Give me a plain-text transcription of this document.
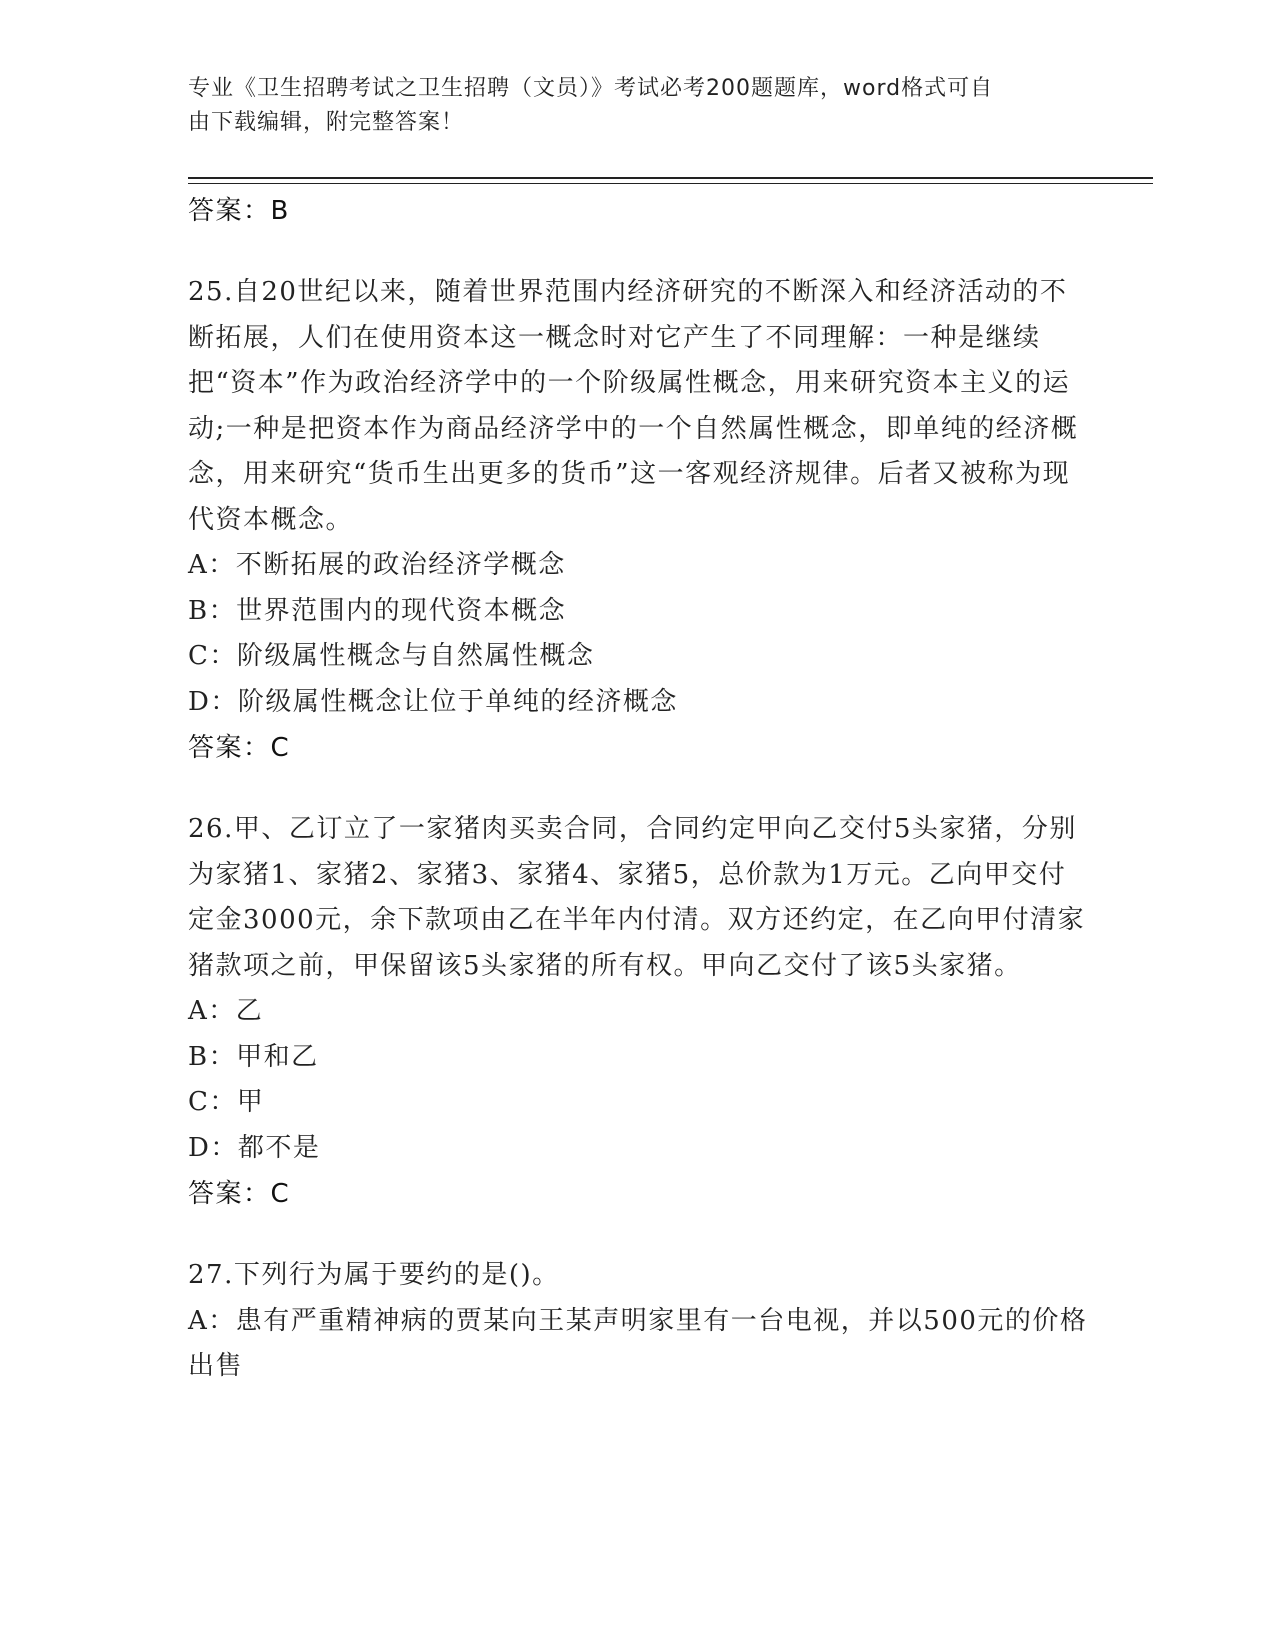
专业《卫生招聘考试之卫生招聘（文员）》考试必考200题题库，word格式可自
由下载编辑，附完整答案！
答案：B
25.自20世纪以来，随着世界范围内经济研究的不断深入和经济活动的不断拓展，人们在使用资本这一概念时对它产生了不同理解：一种是继续把“资本”作为政治经济学中的一个阶级属性概念，用来研究资本主义的运动;一种是把资本作为商品经济学中的一个自然属性概念，即单纯的经济概念，用来研究“货币生出更多的货币”这一客观经济规律。后者又被称为现代资本概念。
A：不断拓展的政治经济学概念
B：世界范围内的现代资本概念
C：阶级属性概念与自然属性概念
D：阶级属性概念让位于单纯的经济概念
答案：C
26.甲、乙订立了一家猪肉买卖合同，合同约定甲向乙交付5头家猪，分别为家猪1、家猪2、家猪3、家猪4、家猪5，总价款为1万元。乙向甲交付定金3000元，余下款项由乙在半年内付清。双方还约定，在乙向甲付清家猪款项之前，甲保留该5头家猪的所有权。甲向乙交付了该5头家猪。
A：乙
B：甲和乙
C：甲
D：都不是
答案：C
27.下列行为属于要约的是()。
A：患有严重精神病的贾某向王某声明家里有一台电视，并以500元的价格出售
